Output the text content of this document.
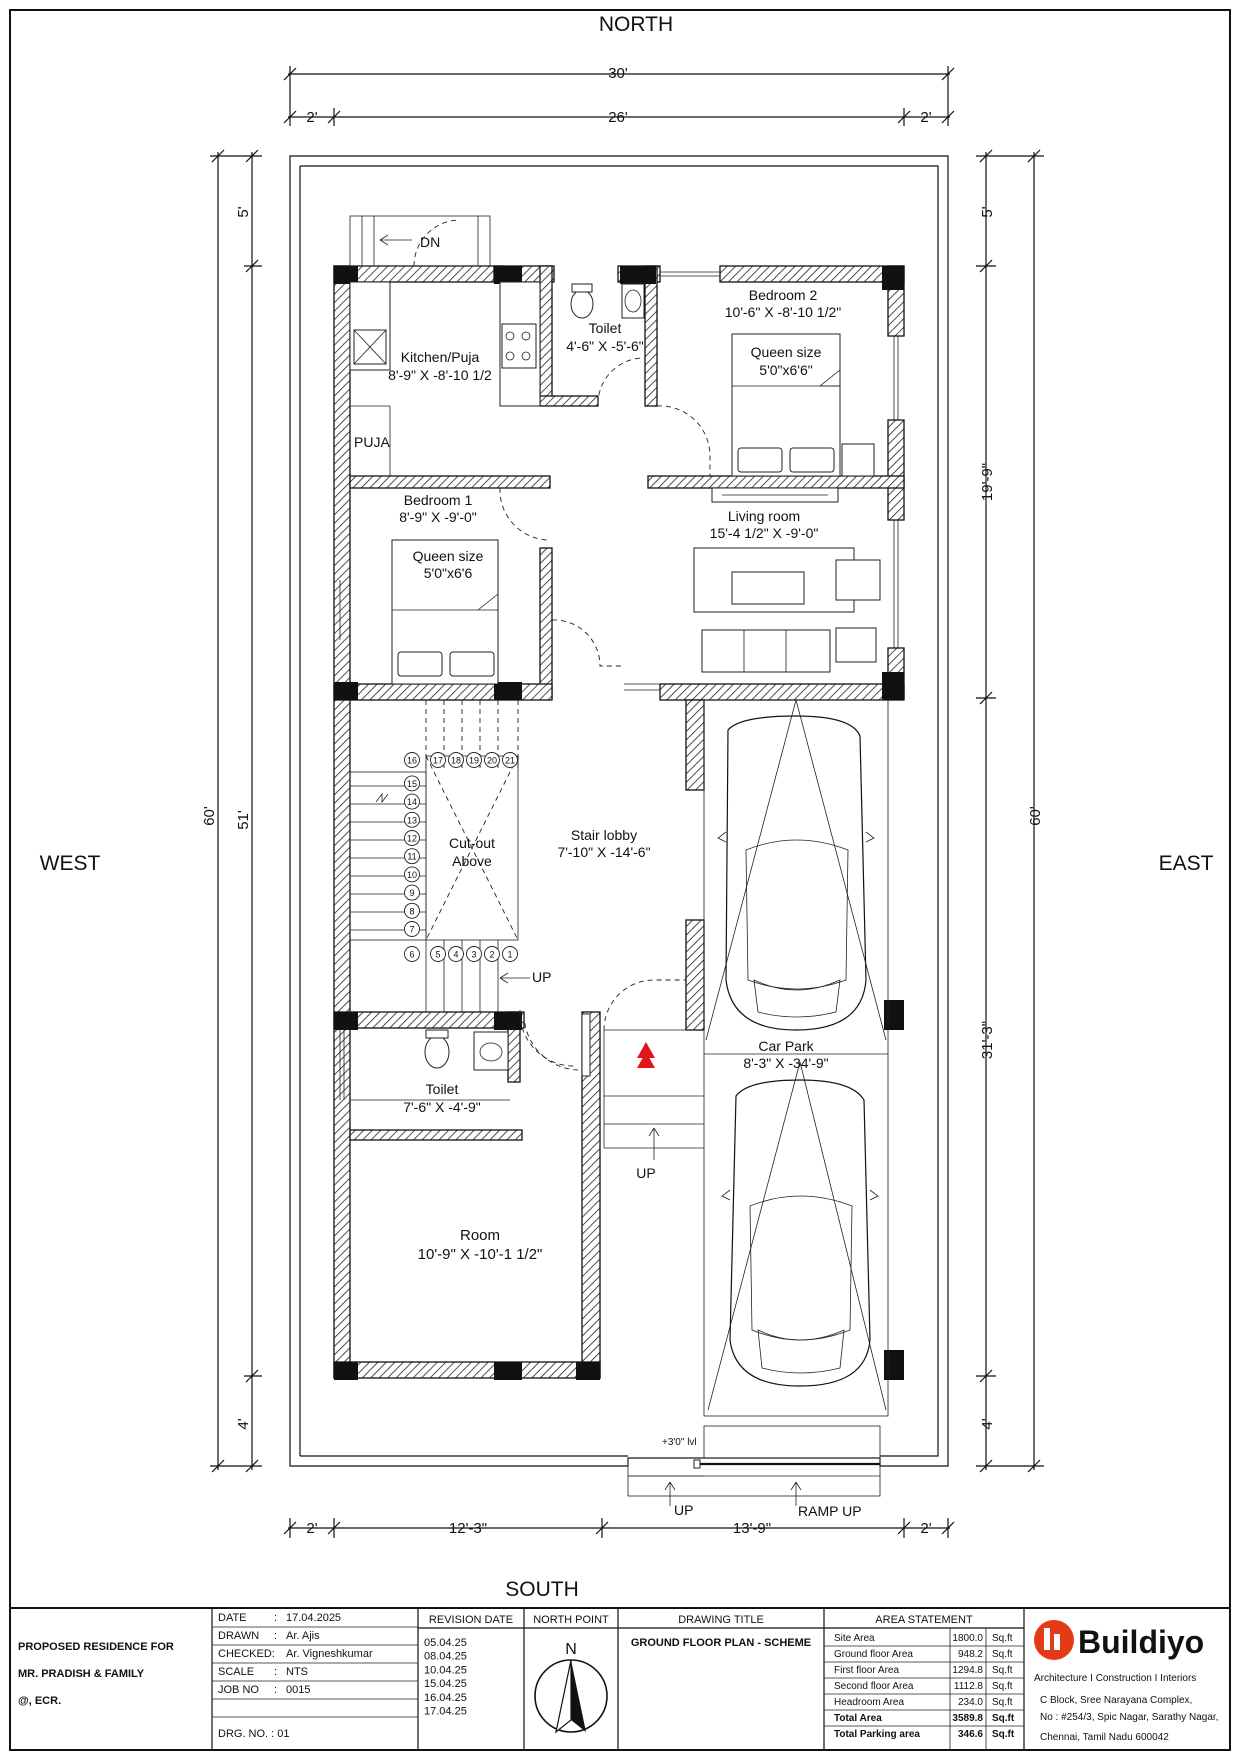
NORTH
SOUTH
WEST	EAST
30'
2'	26'	2'
2'	12'-3"	13'-9"	2'
60'
5'
51'
4'
60'
5'
19'-9"
31'-3"
4'
DN
Kitchen/Puja
8'-9" X -8'-10 1/2
PUJA
Toilet
4'-6" X -5'-6"
Bedroom 2
10'-6" X -8'-10 1/2"
Queen size
5'0"x6'6"
Bedroom 1
8'-9" X -9'-0"
Queen size
5'0"x6'6
Living room
15'-4 1/2" X -9'-0"
1
2
3
4
5
6
7
8
9
10
11
12
13
14
15
16 17 18 19 20 21
Cut-out
Above
UP
Stair lobby
7'-10" X -14'-6"
UP
Toilet
7'-6" X -4'-9"
Room
10'-9" X -10'-1 1/2"
Car Park
8'-3" X -34'-9"
+3'0" lvl
UP	RAMP UP
PROPOSED RESIDENCE FOR
MR. PRADISH & FAMILY
@, ECR.
DATE : 17.04.2025
DRAWN : Ar. Ajis
CHECKED: Ar. Vigneshkumar
SCALE : NTS
JOB NO : 0015
DRG. NO. : 01
REVISION DATE
05.04.25
08.04.25
10.04.25
15.04.25
16.04.25
17.04.25
NORTH POINT
N
DRAWING TITLE
GROUND FLOOR PLAN - SCHEME
AREA STATEMENT
Site Area	1800.0 Sq.ft
Ground floor Area	948.2 Sq.ft
First floor Area	1294.8 Sq.ft
Second floor Area	1112.8 Sq.ft
Headroom Area	234.0 Sq.ft
Total Area	3589.8 Sq.ft
Total Parking area	346.6 Sq.ft
Buildiyo
Architecture I Construction I Interiors
C Block, Sree Narayana Complex,
No : #254/3, Spic Nagar, Sarathy Nagar,
Chennai, Tamil Nadu 600042
